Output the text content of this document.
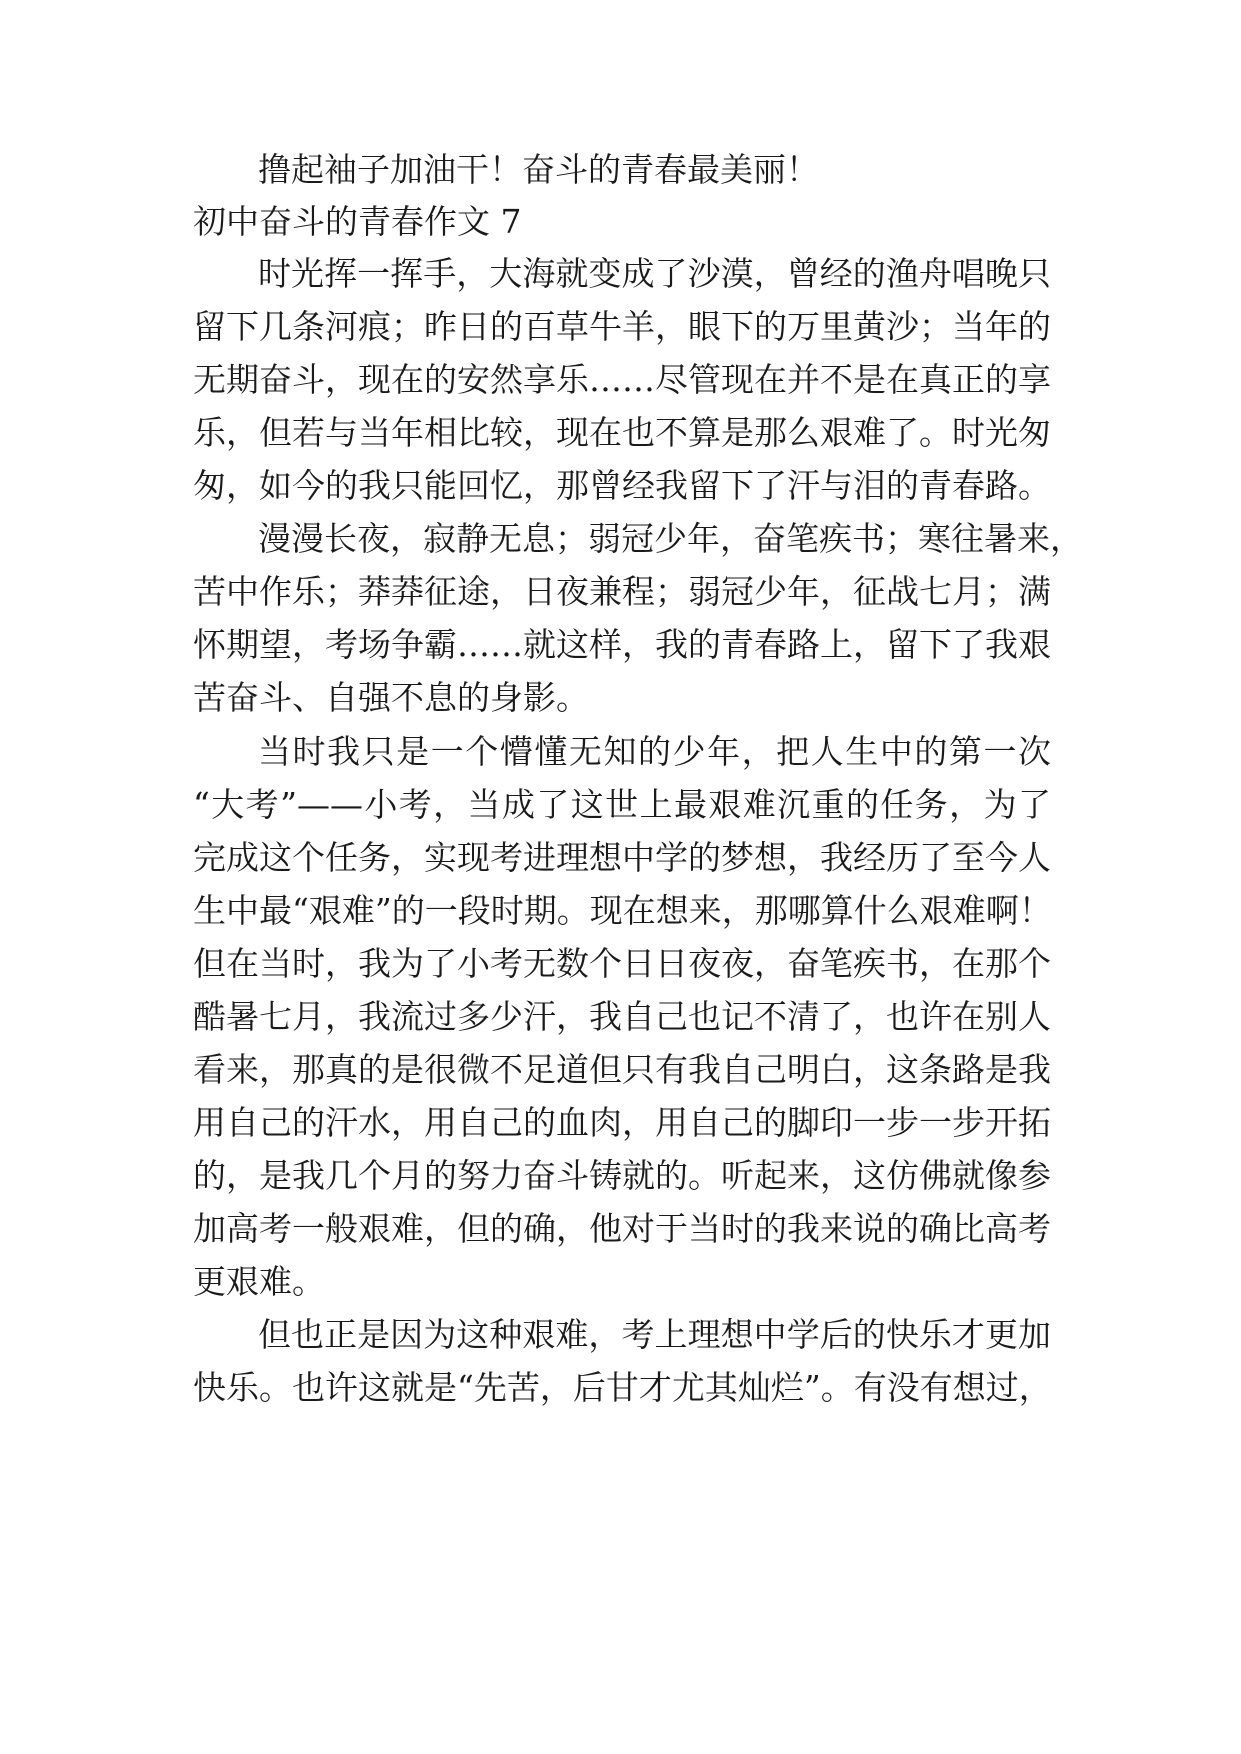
撸起袖子加油干！奋斗的青春最美丽！
初中奋斗的青春作文 7
时光挥一挥手，大海就变成了沙漠，曾经的渔舟唱晚只
留下几条河痕；昨日的百草牛羊，眼下的万里黄沙；当年的
无期奋斗，现在的安然享乐……尽管现在并不是在真正的享
乐，但若与当年相比较，现在也不算是那么艰难了。时光匆
匆，如今的我只能回忆，那曾经我留下了汗与泪的青春路。
漫漫长夜，寂静无息；弱冠少年，奋笔疾书；寒往暑来，
苦中作乐；莽莽征途，日夜兼程；弱冠少年，征战七月；满
怀期望，考场争霸……就这样，我的青春路上，留下了我艰
苦奋斗、自强不息的身影。
当时我只是一个懵懂无知的少年，把人生中的第一次
“大考”——小考，当成了这世上最艰难沉重的任务，为了
完成这个任务，实现考进理想中学的梦想，我经历了至今人
生中最“艰难”的一段时期。现在想来，那哪算什么艰难啊！
但在当时，我为了小考无数个日日夜夜，奋笔疾书，在那个
酷暑七月，我流过多少汗，我自己也记不清了，也许在别人
看来，那真的是很微不足道但只有我自己明白，这条路是我
用自己的汗水，用自己的血肉，用自己的脚印一步一步开拓
的，是我几个月的努力奋斗铸就的。听起来，这仿佛就像参
加高考一般艰难，但的确，他对于当时的我来说的确比高考
更艰难。
但也正是因为这种艰难，考上理想中学后的快乐才更加
快乐。也许这就是“先苦，后甘才尤其灿烂”。有没有想过，
